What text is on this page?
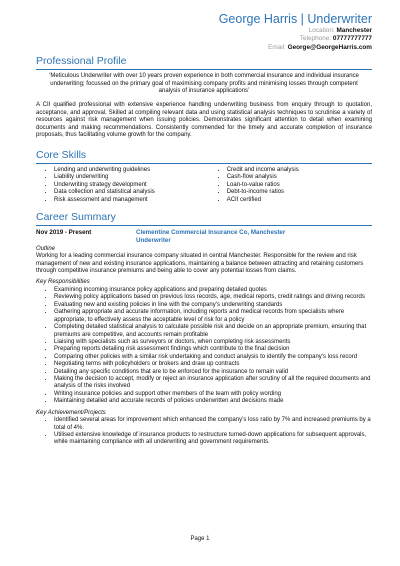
George Harris | Underwriter
Location: Manchester
Telephone: 07777777777
Email: George@GeorgeHarris.com
Professional Profile
‘Meticulous Underwriter with over 10 years proven experience in both commercial insurance and individual insurance underwriting; focussed on the primary goal of maximising company profits and minimising losses through competent analysis of insurance applications’
A CII qualified professional with extensive experience handling underwriting business from enquiry through to quotation, acceptance, and approval. Skilled at compiling relevant data and using statistical analysis techniques to scrutinise a variety of resources against risk management when issuing policies. Demonstrates significant attention to detail when examining documents and making recommendations. Consistently commended for the timely and accurate completion of insurance proposals, thus facilitating volume growth for the company.
Core Skills
• Lending and underwriting guidelines
• Liability underwriting
• Underwriting strategy development
• Data collection and statistical analysis
• Risk assessment and management
• Credit and income analysis
• Cash-flow analysis
• Loan-to-value ratios
• Debt-to-income ratios
• ACII certified
Career Summary
Nov 2019 - Present	Clementine Commercial Insurance Co, Manchester
Underwriter
Outline
Working for a leading commercial insurance company situated in central Manchester. Responsible for the review and risk management of new and existing insurance applications, maintaining a balance between attracting and retaining customers through competitive insurance premiums and being able to cover any potential losses from claims.
Key Responsibilities
• Examining incoming insurance policy applications and preparing detailed quotes
• Reviewing policy applications based on previous loss records, age, medical reports, credit ratings and driving records
• Evaluating new and existing policies in line with the company’s underwriting standards
• Gathering appropriate and accurate information, including reports and medical records from specialists where appropriate, to effectively assess the acceptable level of risk for a policy
• Completing detailed statistical analysis to calculate possible risk and decide on an appropriate premium, ensuring that premiums are competitive, and accounts remain profitable
• Liaising with specialists such as surveyors or doctors, when completing risk assessments
• Preparing reports detailing risk assessment findings which contribute to the final decision
• Comparing other policies with a similar risk undertaking and conduct analysis to identify the company’s loss record
• Negotiating terms with policyholders or brokers and draw up contracts
• Detailing any specific conditions that are to be enforced for the insurance to remain valid
• Making the decision to accept, modify or reject an insurance application after scrutiny of all the required documents and analysis of the risks involved
• Writing insurance policies and support other members of the team with policy wording
• Maintaining detailed and accurate records of policies underwritten and decisions made
Key Achievement/Projects
• Identified several areas for improvement which enhanced the company’s loss ratio by 7% and increased premiums by a total of 4%.
• Utilised extensive knowledge of insurance products to restructure turned-down applications for subsequent approvals, while maintaining compliance with all underwriting and government requirements.
Page 1
